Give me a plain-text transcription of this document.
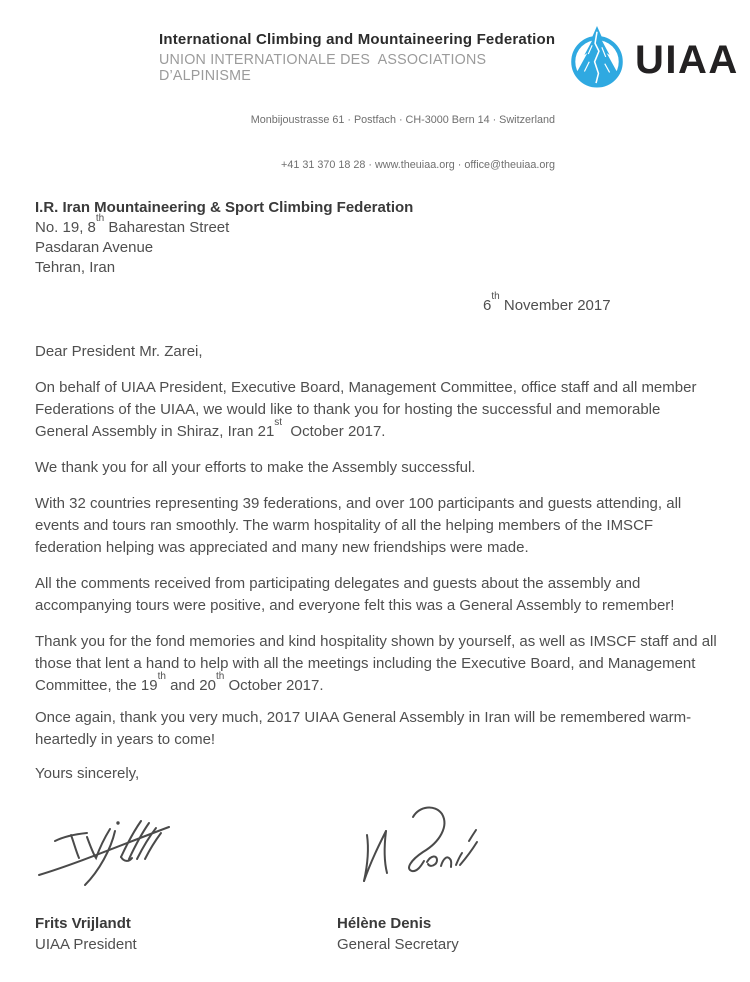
International Climbing and Mountaineering Federation
UNION INTERNATIONALE DES  ASSOCIATIONS D’ALPINISME

Monbijoustrasse 61 · Postfach · CH-3000 Bern 14 · Switzerland

+41 31 370 18 28 · www.theuiaa.org · office@theuiaa.org

UIAA
I.R. Iran Mountaineering & Sport Climbing Federation
No. 19, 8th Baharestan Street
Pasdaran Avenue
Tehran, Iran
6th November 2017

Dear President Mr. Zarei,

On behalf of UIAA President, Executive Board, Management Committee, office staff and all member Federations of the UIAA, we would like to thank you for hosting the successful and memorable General Assembly in Shiraz, Iran 21st  October 2017.

We thank you for all your efforts to make the Assembly successful.

With 32 countries representing 39 federations, and over 100 participants and guests attending, all events and tours ran smoothly. The warm hospitality of all the helping members of the IMSCF federation helping was appreciated and many new friendships were made.

All the comments received from participating delegates and guests about the assembly and accompanying tours were positive, and everyone felt this was a General Assembly to remember!

Thank you for the fond memories and kind hospitality shown by yourself, as well as IMSCF staff and all those that lent a hand to help with all the meetings including the Executive Board, and Management Committee, the 19th and 20th October 2017.

Once again, thank you very much, 2017 UIAA General Assembly in Iran will be remembered warm-heartedly in years to come!

Yours sincerely,

Frits Vrijlandt
UIAA President
Hélène Denis
General Secretary
